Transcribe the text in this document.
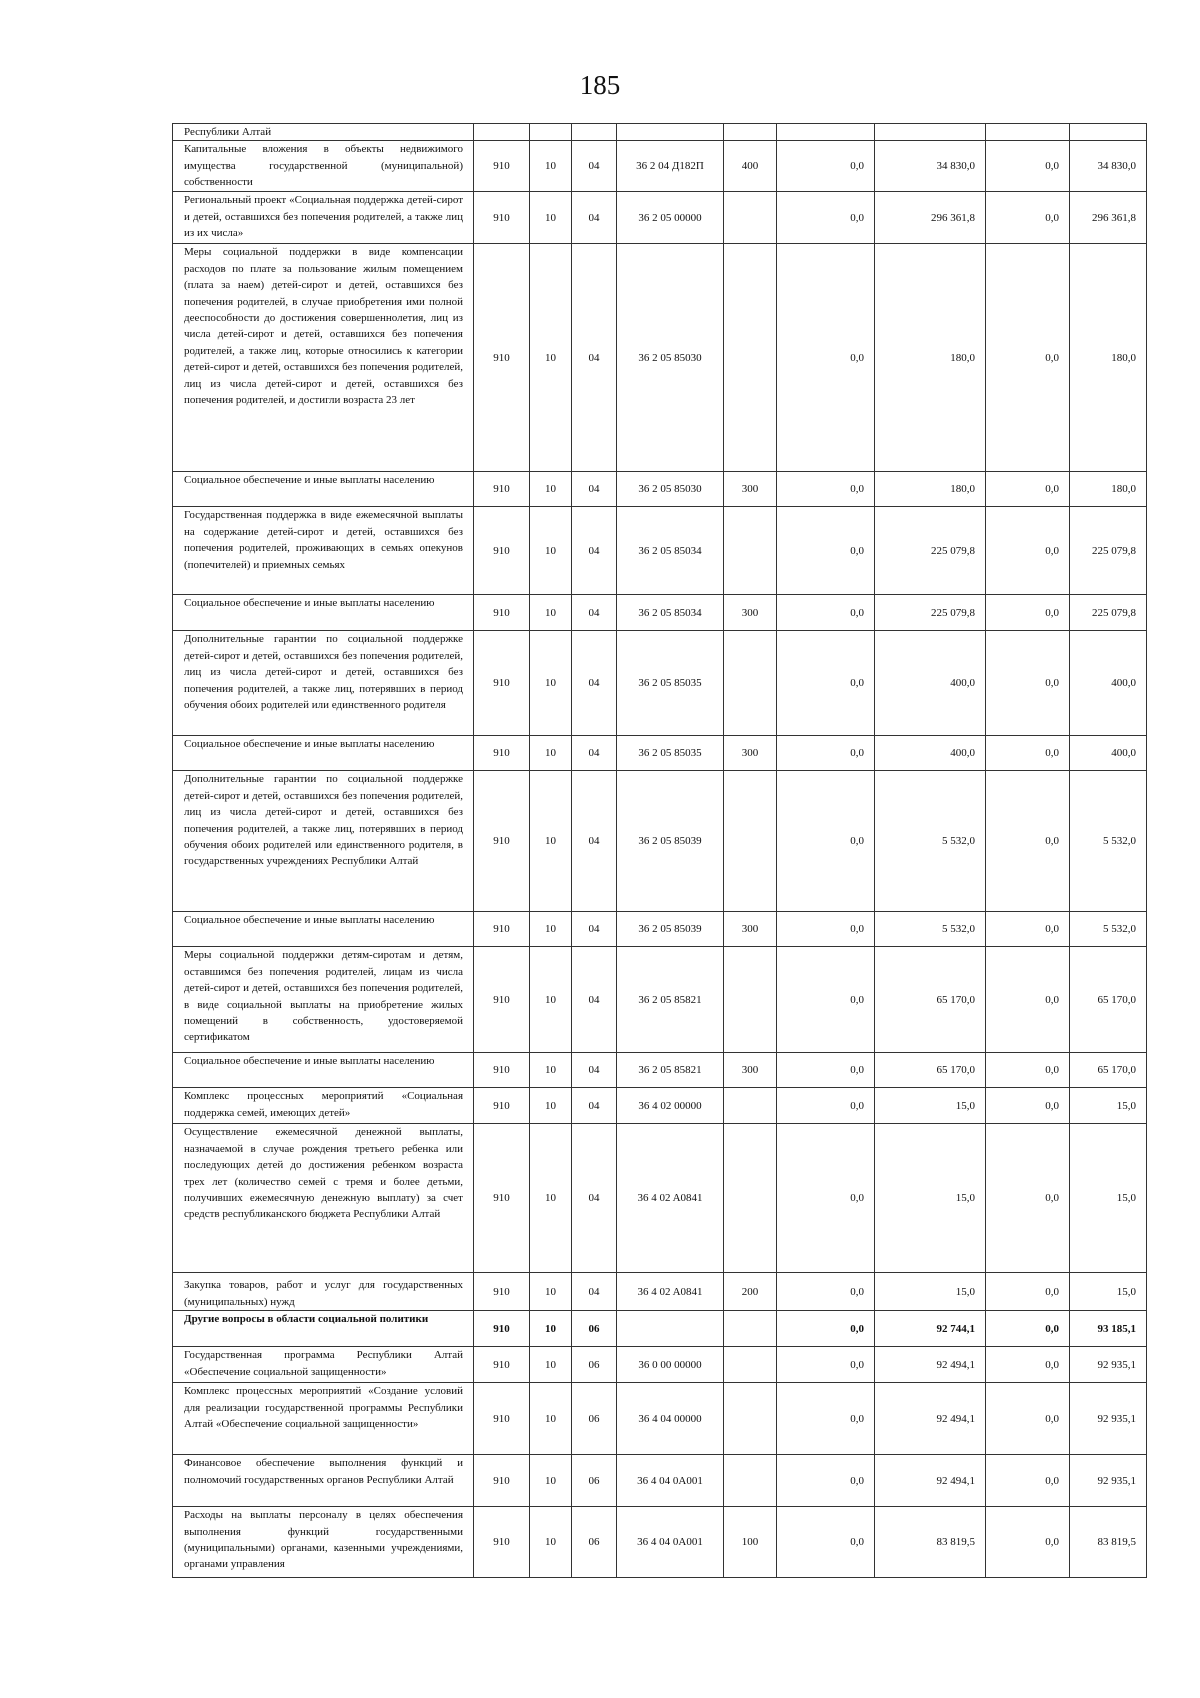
185
Республики Алтай									
Капитальные вложения в объекты недвижимого имущества государственной (муниципальной) собственности	910	10	04	36 2 04 Д182П	400	0,0	34 830,0	0,0	34 830,0
Региональный проект «Социальная поддержка детей-сирот и детей, оставшихся без попечения родителей, а также лиц из их числа»	910	10	04	36 2 05 00000		0,0	296 361,8	0,0	296 361,8
Меры социальной поддержки в виде компенсации расходов по плате за пользование жилым помещением (плата за наем) детей-сирот и детей, оставшихся без попечения родителей, в случае приобретения ими полной дееспособности до достижения совершеннолетия, лиц из числа детей-сирот и детей, оставшихся без попечения родителей, а также лиц, которые относились к категории детей-сирот и детей, оставшихся без попечения родителей, лиц из числа детей-сирот и детей, оставшихся без попечения родителей, и достигли возраста 23 лет	910	10	04	36 2 05 85030		0,0	180,0	0,0	180,0
Социальное обеспечение и иные выплаты населению	910	10	04	36 2 05 85030	300	0,0	180,0	0,0	180,0
Государственная поддержка в виде ежемесячной выплаты на содержание детей-сирот и детей, оставшихся без попечения родителей, проживающих в семьях опекунов (попечителей) и приемных семьях	910	10	04	36 2 05 85034		0,0	225 079,8	0,0	225 079,8
Социальное обеспечение и иные выплаты населению	910	10	04	36 2 05 85034	300	0,0	225 079,8	0,0	225 079,8
Дополнительные гарантии по социальной поддержке детей-сирот и детей, оставшихся без попечения родителей, лиц из числа детей-сирот и детей, оставшихся без попечения родителей, а также лиц, потерявших в период обучения обоих родителей или единственного родителя	910	10	04	36 2 05 85035		0,0	400,0	0,0	400,0
Социальное обеспечение и иные выплаты населению	910	10	04	36 2 05 85035	300	0,0	400,0	0,0	400,0
Дополнительные гарантии по социальной поддержке детей-сирот и детей, оставшихся без попечения родителей, лиц из числа детей-сирот и детей, оставшихся без попечения родителей, а также лиц, потерявших в период обучения обоих родителей или единственного родителя, в государственных учреждениях Республики Алтай	910	10	04	36 2 05 85039		0,0	5 532,0	0,0	5 532,0
Социальное обеспечение и иные выплаты населению	910	10	04	36 2 05 85039	300	0,0	5 532,0	0,0	5 532,0
Меры социальной поддержки детям-сиротам и детям, оставшимся без попечения родителей, лицам из числа детей-сирот и детей, оставшихся без попечения родителей, в виде социальной выплаты на приобретение жилых помещений в собственность, удостоверяемой сертификатом	910	10	04	36 2 05 85821		0,0	65 170,0	0,0	65 170,0
Социальное обеспечение и иные выплаты населению	910	10	04	36 2 05 85821	300	0,0	65 170,0	0,0	65 170,0
Комплекс процессных мероприятий «Социальная поддержка семей, имеющих детей»	910	10	04	36 4 02 00000		0,0	15,0	0,0	15,0
Осуществление ежемесячной денежной выплаты, назначаемой в случае рождения третьего ребенка или последующих детей до достижения ребенком возраста трех лет (количество семей с тремя и более детьми, получивших ежемесячную денежную выплату) за счет средств республиканского бюджета Республики Алтай	910	10	04	36 4 02 A0841		0,0	15,0	0,0	15,0
Закупка товаров, работ и услуг для государственных (муниципальных) нужд	910	10	04	36 4 02 A0841	200	0,0	15,0	0,0	15,0
Другие вопросы в области социальной политики	910	10	06			0,0	92 744,1	0,0	93 185,1
Государственная программа Республики Алтай «Обеспечение социальной защищенности»	910	10	06	36 0 00 00000		0,0	92 494,1	0,0	92 935,1
Комплекс процессных мероприятий «Создание условий для реализации государственной программы Республики Алтай «Обеспечение социальной защищенности»	910	10	06	36 4 04 00000		0,0	92 494,1	0,0	92 935,1
Финансовое обеспечение выполнения функций и полномочий государственных органов Республики Алтай	910	10	06	36 4 04 0A001		0,0	92 494,1	0,0	92 935,1
Расходы на выплаты персоналу в целях обеспечения выполнения функций государственными (муниципальными) органами, казенными учреждениями, органами управления	910	10	06	36 4 04 0A001	100	0,0	83 819,5	0,0	83 819,5
